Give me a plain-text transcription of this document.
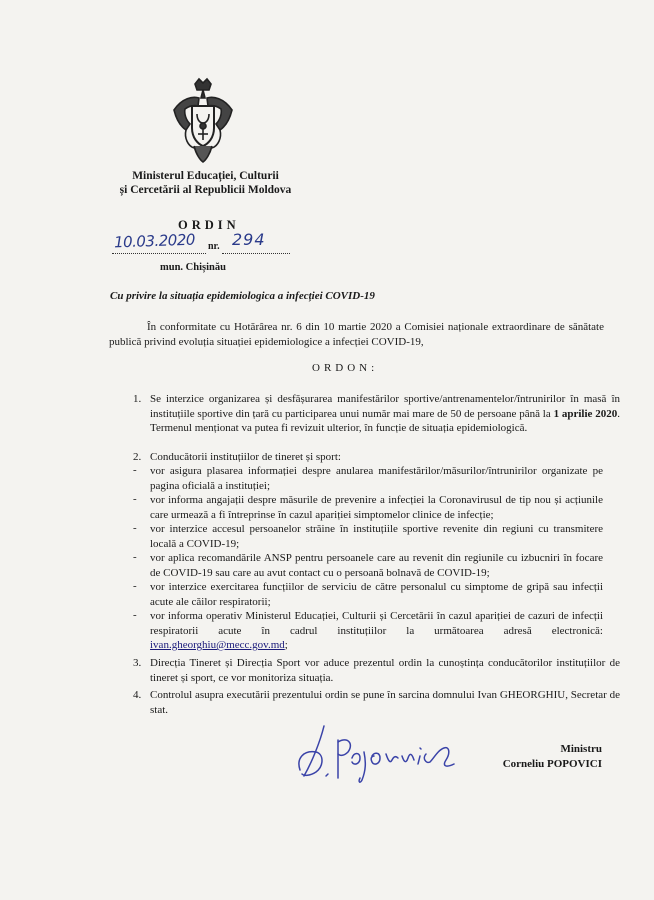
Ministerul Educației, Culturii
și Cercetării al Republicii Moldova
ORDIN
10.03.2020 nr. 294
mun. Chișinău
Cu privire la situația epidemiologica a infecției COVID-19
În conformitate cu Hotărârea nr. 6 din 10 martie 2020 a Comisiei naționale extraordinare de sănătate publică privind evoluția situației epidemiologice a infecției COVID-19,
ORDON:
1. Se interzice organizarea și desfășurarea manifestărilor sportive/antrenamentelor/întrunirilor în masă în instituțiile sportive din țară cu participarea unui număr mai mare de 50 de persoane până la 1 aprilie 2020. Termenul menționat va putea fi revizuit ulterior, în funcție de situația epidemiologică.
2. Conducătorii instituțiilor de tineret și sport:
- vor asigura plasarea informației despre anularea manifestărilor/măsurilor/întrunirilor organizate pe pagina oficială a instituției;
- vor informa angajații despre măsurile de prevenire a infecției la Coronavirusul de tip nou și acțiunile care urmează a fi întreprinse în cazul apariției simptomelor clinice de infecție;
- vor interzice accesul persoanelor străine în instituțiile sportive revenite din regiuni cu transmitere locală a COVID-19;
- vor aplica recomandările ANSP pentru persoanele care au revenit din regiunile cu izbucniri în focare de COVID-19 sau care au avut contact cu o persoană bolnavă de COVID-19;
- vor interzice exercitarea funcțiilor de serviciu de către personalul cu simptome de gripă sau infecții acute ale căilor respiratorii;
- vor informa operativ Ministerul Educației, Culturii și Cercetării în cazul apariției de cazuri de infecții respiratorii acute în cadrul instituțiilor la următoarea adresă electronică: ivan.gheorghiu@mecc.gov.md;
3. Direcția Tineret și Direcția Sport vor aduce prezentul ordin la cunoștința conducătorilor instituțiilor de tineret și sport, ce vor monitoriza situația.
4. Controlul asupra executării prezentului ordin se pune în sarcina domnului Ivan GHEORGHIU, Secretar de stat.
Ministru
Corneliu POPOVICI
